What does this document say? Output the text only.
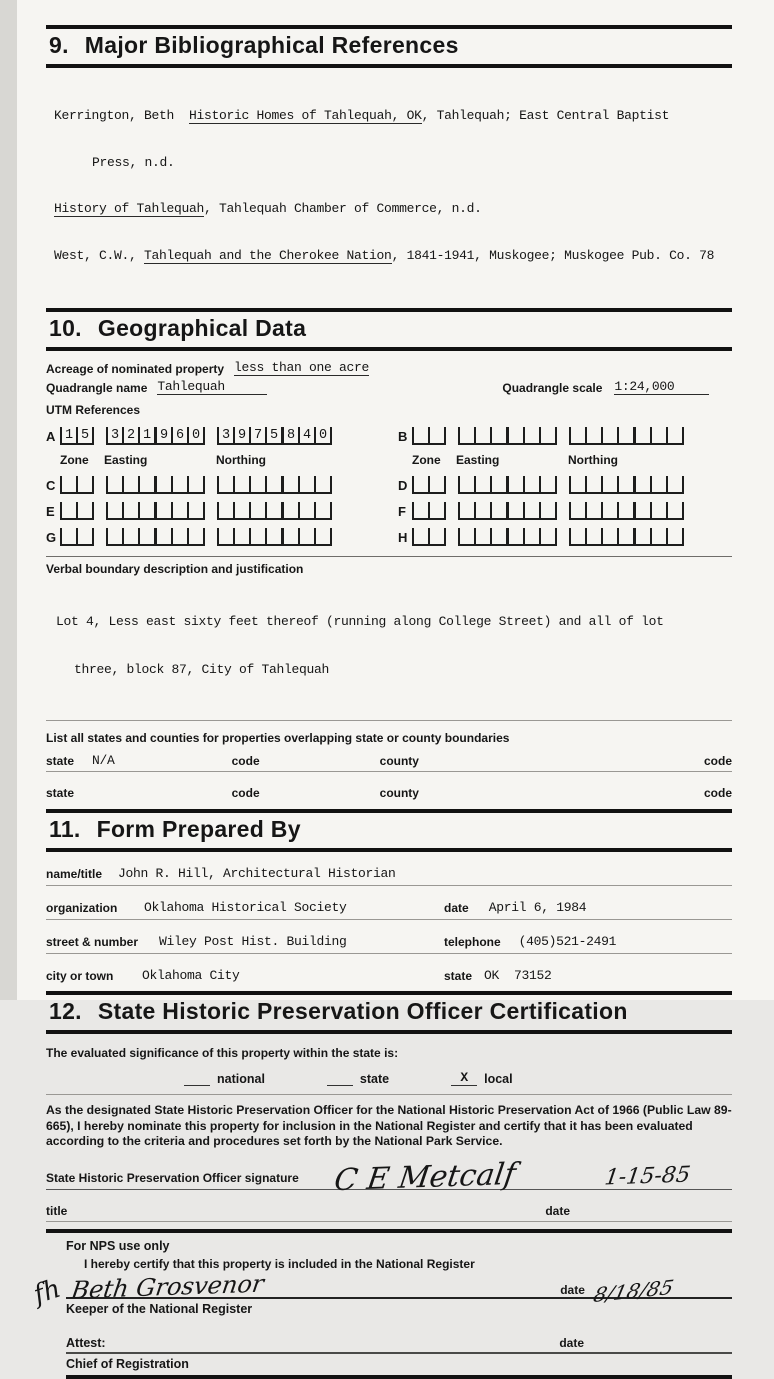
9. Major Bibliographical References

Kerrington, Beth  Historic Homes of Tahlequah, OK, Tahlequah; East Central Baptist

Press, n.d.

History of Tahlequah, Tahlequah Chamber of Commerce, n.d.

West, C.W., Tahlequah and the Cherokee Nation, 1841-1941, Muskogee; Muskogee Pub. Co. 78

10. Geographical Data
Acreage of nominated property less than one acre
Quadrangle name Tahlequah	Quadrangle scale 1:24,000
UTM References
A 1 5	3 2 1 9 6 0	3 9 7 5 8 4 0
Zone	Easting	Northing
C
E
G
B
Zone	Easting	Northing
D
F
H
Verbal boundary description and justification

Lot 4, Less east sixty feet thereof (running along College Street) and all of lot

three, block 87, City of Tahlequah

List all states and counties for properties overlapping state or county boundaries
state N/A	code	county	code
state	code	county	code
11. Form Prepared By
name/title	John R. Hill, Architectural Historian
organization	Oklahoma Historical Society	date April 6, 1984
street & number	Wiley Post Hist. Building	telephone (405)521-2491
city or town	Oklahoma City	state OK  73152
12. State Historic Preservation Officer Certification
The evaluated significance of this property within the state is:
national	state	X	local
As the designated State Historic Preservation Officer for the National Historic Preservation Act of 1966 (Public Law 89-665), I hereby nominate this property for inclusion in the National Register and certify that it has been evaluated according to the criteria and procedures set forth by the National Park Service.
State Historic Preservation Officer signature C E Metcalf	1-15-85
title	date
fh
For NPS use only
I hereby certify that this property is included in the National Register
Beth Grosvenor	date 8/18/85
Keeper of the National Register
Attest:	date
Chief of Registration
